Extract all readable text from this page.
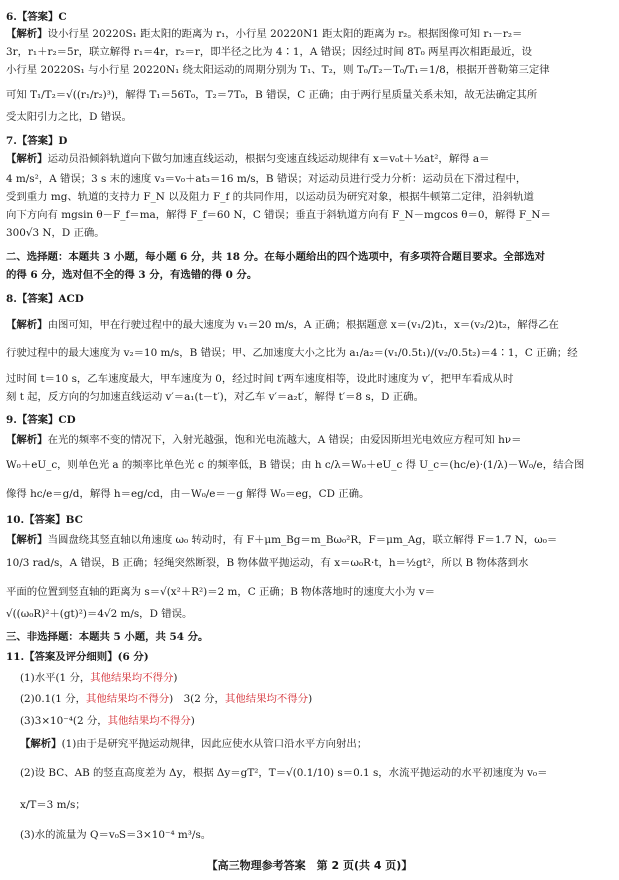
6.【答案】C
【解析】设小行星 20220S₁ 距太阳的距离为 r₁，小行星 20220N1 距太阳的距离为 r₂。根据图像可知 r₁－r₂＝
3r，r₁＋r₂＝5r，联立解得 r₁＝4r，r₂＝r，即半径之比为 4∶1，A 错误；因经过时间 8T₀ 两星再次相距最近，设
小行星 20220S₁ 与小行星 20220N₁ 绕太阳运动的周期分别为 T₁、T₂，则 T₀/T₂－T₀/T₁＝1/8，根据开普勒第三定律
可知 T₁/T₂＝√((r₁/r₂)³)，解得 T₁＝56T₀，T₂＝7T₀，B 错误，C 正确；由于两行星质量关系未知，故无法确定其所
受太阳引力之比，D 错误。
7.【答案】D
【解析】运动员沿倾斜轨道向下做匀加速直线运动，根据匀变速直线运动规律有 x＝v₀t＋½at²，解得 a＝
4 m/s²，A 错误；3 s 末的速度 v₃＝v₀＋at₃＝16 m/s，B 错误；对运动员进行受力分析：运动员在下滑过程中，
受到重力 mg、轨道的支持力 F_N 以及阻力 F_f 的共同作用，以运动员为研究对象，根据牛顿第二定律，沿斜轨道
向下方向有 mgsin θ－F_f＝ma，解得 F_f＝60 N，C 错误；垂直于斜轨道方向有 F_N－mgcos θ＝0，解得 F_N＝
300√3 N，D 正确。
二、选择题：本题共 3 小题，每小题 6 分，共 18 分。在每小题给出的四个选项中，有多项符合题目要求。全部选对
的得 6 分，选对但不全的得 3 分，有选错的得 0 分。
8.【答案】ACD
【解析】由图可知，甲在行驶过程中的最大速度为 v₁＝20 m/s，A 正确；根据题意 x＝(v₁/2)t₁，x＝(v₂/2)t₂，解得乙在
行驶过程中的最大速度为 v₂＝10 m/s，B 错误；甲、乙加速度大小之比为 a₁/a₂＝(v₁/0.5t₁)/(v₂/0.5t₂)＝4∶1，C 正确；经
过时间 t＝10 s，乙车速度最大，甲车速度为 0，经过时间 t′两车速度相等，设此时速度为 v′，把甲车看成从时
刻 t 起，反方向的匀加速直线运动 v′＝a₁(t－t′)，对乙车 v′＝a₂t′，解得 t′＝8 s，D 正确。
9.【答案】CD
【解析】在光的频率不变的情况下，入射光越强，饱和光电流越大，A 错误；由爱因斯坦光电效应方程可知 hν＝
W₀＋eU_c，则单色光 a 的频率比单色光 c 的频率低，B 错误；由 h c/λ＝W₀＋eU_c 得 U_c＝(hc/e)·(1/λ)－W₀/e，结合图
像得 hc/e＝g/d，解得 h＝eg/cd，由－W₀/e＝－g 解得 W₀＝eg，CD 正确。
10.【答案】BC
【解析】当圆盘绕其竖直轴以角速度 ω₀ 转动时，有 F＋μm_Bg＝m_Bω₀²R，F＝μm_Ag，联立解得 F＝1.7 N，ω₀＝
10/3 rad/s，A 错误，B 正确；轻绳突然断裂，B 物体做平抛运动，有 x＝ω₀R·t，h＝½gt²，所以 B 物体落到水
平面的位置到竖直轴的距离为 s＝√(x²＋R²)＝2 m，C 正确；B 物体落地时的速度大小为 v＝
√((ω₀R)²＋(gt)²)＝4√2 m/s，D 错误。
三、非选择题：本题共 5 小题，共 54 分。
11.【答案及评分细则】(6 分)
(1)水平(1 分，其他结果均不得分)
(2)0.1(1 分，其他结果均不得分)　3(2 分，其他结果均不得分)
(3)3×10⁻⁴(2 分，其他结果均不得分)
【解析】(1)由于是研究平抛运动规律，因此应使水从管口沿水平方向射出；
(2)设 BC、AB 的竖直高度差为 Δy，根据 Δy＝gT²，T＝√(0.1/10) s＝0.1 s，水流平抛运动的水平初速度为 v₀＝
x/T＝3 m/s；
(3)水的流量为 Q＝v₀S＝3×10⁻⁴ m³/s。
【高三物理参考答案　第 2 页(共 4 页)】
